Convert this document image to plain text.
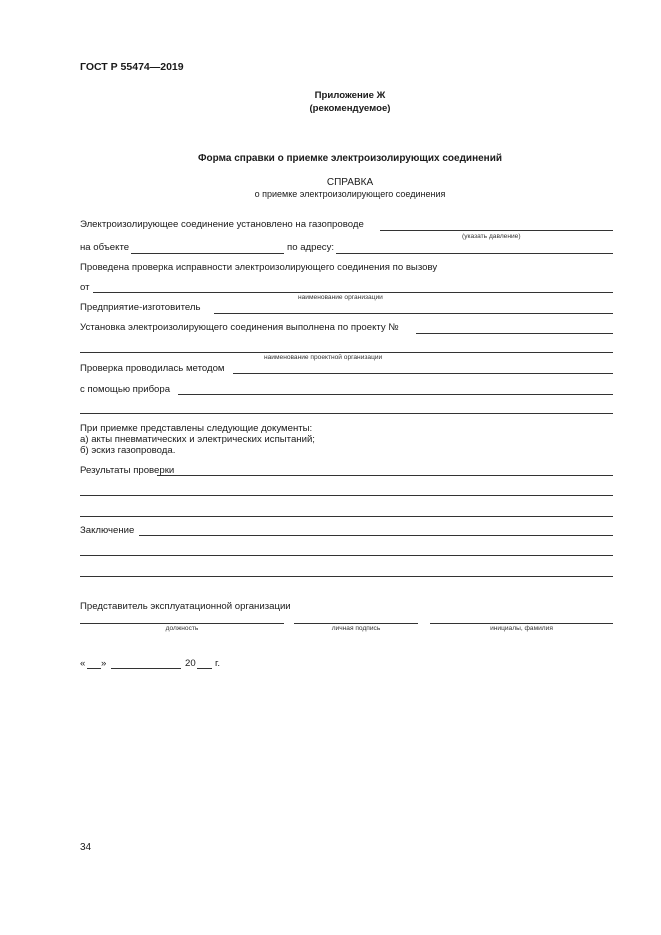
ГОСТ Р 55474—2019
Приложение Ж
(рекомендуемое)
Форма справки о приемке электроизолирующих соединений
СПРАВКА
о приемке электроизолирующего соединения
Электроизолирующее соединение установлено на газопроводе
(указать давление)
на объекте	по адресу:
Проведена проверка исправности электроизолирующего соединения по вызову
от
наименование организации
Предприятие-изготовитель
Установка электроизолирующего соединения выполнена по проекту №
наименование проектной организации
Проверка проводилась методом
с помощью прибора
При приемке представлены следующие документы:
а) акты пневматических и электрических испытаний;
б) эскиз газопровода.
Результаты проверки
Заключение
Представитель эксплуатационной организации
должность	личная подпись	инициалы, фамилия
« »	20 г.
34
